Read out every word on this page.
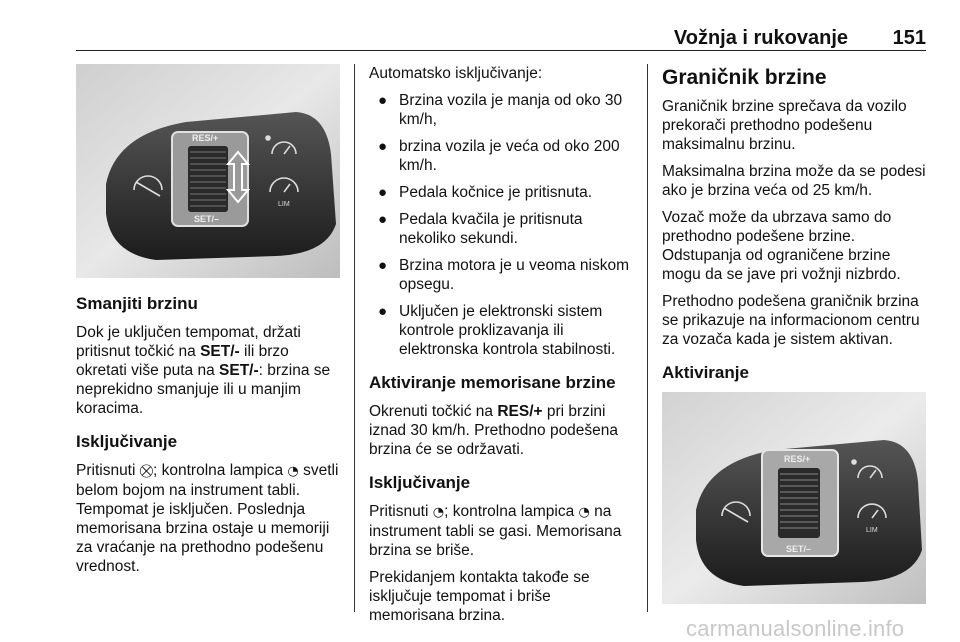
Vožnja i rukovanje 151
RES/+
SET/–
LIM
Smanjiti brzinu

Dok je uključen tempomat, držati pritisnut točkić na SET/- ili brzo okretati više puta na SET/-: brzina se neprekidno smanjuje ili u manjim koracima.

Isključivanje

Pritisnuti ⛒; kontrolna lampica ◔ svetli belom bojom na instrument tabli. Tempomat je isključen. Poslednja memorisana brzina ostaje u memoriji za vraćanje na prethodno podešenu vrednost.

Automatsko isključivanje:

● Brzina vozila je manja od oko 30 km/h,
● brzina vozila je veća od oko 200 km/h.
● Pedala kočnice je pritisnuta.
● Pedala kvačila je pritisnuta nekoliko sekundi.
● Brzina motora je u veoma niskom opsegu.
● Uključen je elektronski sistem kontrole proklizavanja ili elektronska kontrola stabilnosti.
Aktiviranje memorisane brzine

Okrenuti točkić na RES/+ pri brzini iznad 30 km/h. Prethodno podešena brzina će se održavati.

Isključivanje

Pritisnuti ◔; kontrolna lampica ◔ na instrument tabli se gasi. Memorisana brzina se briše.

Prekidanjem kontakta takođe se isključuje tempomat i briše memorisana brzina.

Graničnik brzine

Graničnik brzine sprečava da vozilo prekorači prethodno podešenu maksimalnu brzinu.

Maksimalna brzina može da se podesi ako je brzina veća od 25 km/h.

Vozač može da ubrzava samo do prethodno podešene brzine. Odstupanja od ograničene brzine mogu da se jave pri vožnji nizbrdo.

Prethodno podešena graničnik brzina se prikazuje na informacionom centru za vozača kada je sistem aktivan.

Aktiviranje
RES/+
SET/–
LIM
carmanualsonline.info
